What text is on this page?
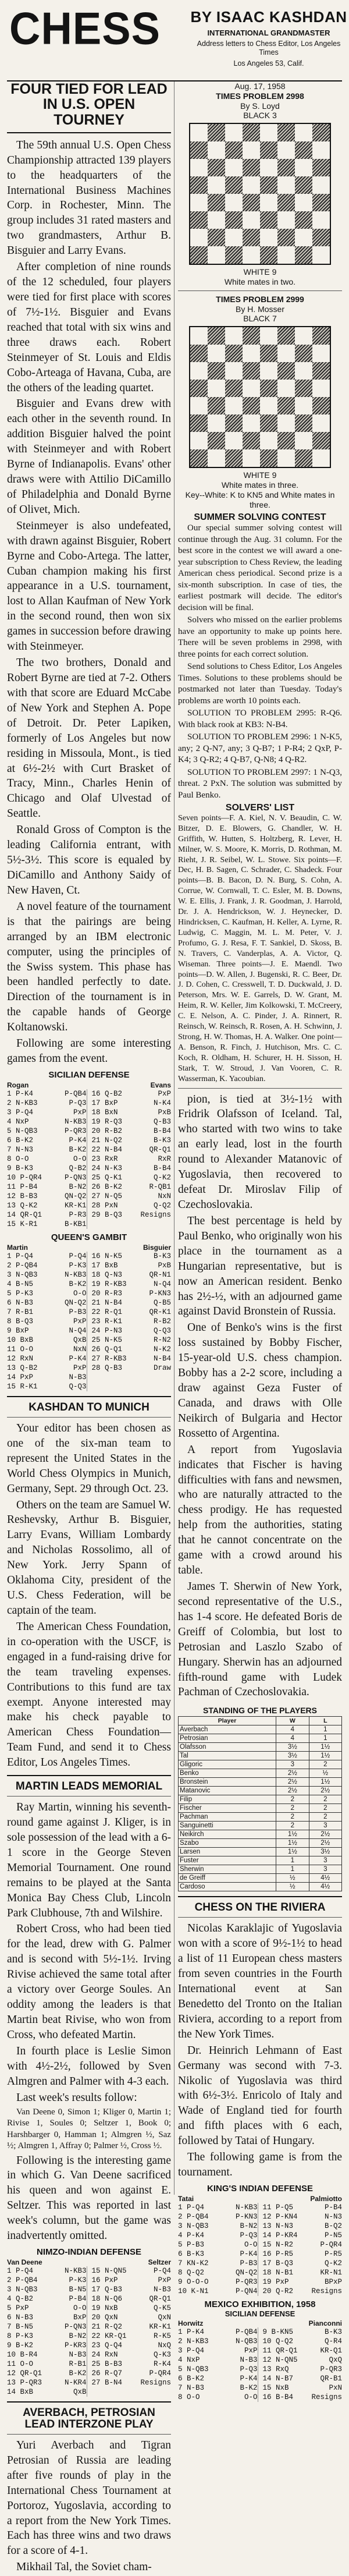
CHESS BY ISAAC KASHDAN
INTERNATIONAL GRANDMASTER
Address letters to Chess Editor, Los Angeles Times
Los Angeles 53, Calif.
FOUR TIED FOR LEAD
IN U.S. OPEN TOURNEY

The 59th annual U.S. Open Chess Championship attracted 139 players to the headquarters of the International Business Machines Corp. in Rochester, Minn. The group includes 31 rated masters and two grandmasters, Arthur B. Bisguier and Larry Evans.

After completion of nine rounds of the 12 scheduled, four players were tied for first place with scores of 7½-1½. Bisguier and Evans reached that total with six wins and three draws each. Robert Steinmeyer of St. Louis and Eldis Cobo-Arteaga of Havana, Cuba, are the others of the leading quartet.

Bisguier and Evans drew with each other in the seventh round. In addition Bisguier halved the point with Steinmeyer and with Robert Byrne of Indianapolis. Evans' other draws were with Attilio DiCamillo of Philadelphia and Donald Byrne of Olivet, Mich.

Steinmeyer is also undefeated, with drawn against Bisguier, Robert Byrne and Cobo-Artega. The latter, Cuban champion making his first appearance in a U.S. tournament, lost to Allan Kaufman of New York in the second round, then won six games in succession before drawing with Steinmeyer.

The two brothers, Donald and Robert Byrne are tied at 7-2. Others with that score are Eduard McCabe of New York and Stephen A. Pope of Detroit. Dr. Peter Lapiken, formerly of Los Angeles but now residing in Missoula, Mont., is tied at 6½-2½ with Curt Brasket of Tracy, Minn., Charles Henin of Chicago and Olaf Ulvestad of Seattle.

Ronald Gross of Compton is the leading California entrant, with 5½-3½. This score is equaled by DiCamillo and Anthony Saidy of New Haven, Ct.

A novel feature of the tournament is that the pairings are being arranged by an IBM electronic computer, using the principles of the Swiss system. This phase has been handled perfectly to date. Direction of the tournament is in the capable hands of George Koltanowski.

Following are some interesting games from the event.

SICILIAN DEFENSE
Rogan	Evans
1 P-K4	P-QB4
2 N-KB3	P-Q3
3 P-Q4	PxP
4 NxP	N-KB3
5 N-QB3	P-QR3
6 B-K2	P-K4
7 N-N3	B-K2
8 O-O	O-O
9 B-K3	Q-B2
10 P-QR4	P-QN3
11 P-B4	B-N2
12 B-B3	QN-Q2
13 Q-K2	KR-K1
14 QR-Q1	P-R3
15 K-R1	B-KB1
16 Q-B2	PxP
17 BxP	N-K4
18 BxN	PxB
19 R-Q3	Q-B3
20 R-B2	B-B4
21 N-Q2	B-K3
22 N-B4	QR-Q1
23 RxR	RxR
24 N-K3	B-B4
25 Q-K1	Q-K2
26 B-K2	R-QB1
27 N-Q5	NxN
28 PxN	Q-Q2
29 B-Q3	Resigns
QUEEN'S GAMBIT
Martin	Bisguier
1 P-Q4	P-Q4
2 P-QB4	P-K3
3 N-QB3	N-KB3
4 B-N5	B-K2
5 P-K3	O-O
6 N-B3	QN-Q2
7 R-B1	P-B3
8 B-Q3	PxP
9 BxP	N-Q4
10 BxB	QxB
11 O-O	NxN
12 RxN	P-K4
13 Q-B2	PxP
14 PxP	N-B3
15 R-K1	Q-Q3
16 N-K5	B-K3
17 BxB	PxB
18 Q-N3	QR-N1
19 R-KB3	N-Q4
20 R-R3	P-KN3
21 N-B4	Q-B5
22 R-Q1	QR-K1
23 R-K1	R-B2
24 P-N3	Q-Q3
25 N-K5	R-N2
26 Q-Q1	N-K2
27 R-KB3	N-B4
28 Q-B3	Draw
KASHDAN TO MUNICH

Your editor has been chosen as one of the six-man team to represent the United States in the World Chess Olympics in Munich, Germany, Sept. 29 through Oct. 23.

Others on the team are Samuel W. Reshevsky, Arthur B. Bisguier, Larry Evans, William Lombardy and Nicholas Rossolimo, all of New York. Jerry Spann of Oklahoma City, president of the U.S. Chess Federation, will be captain of the team.

The American Chess Foundation, in co-operation with the USCF, is engaged in a fund-raising drive for the team traveling expenses. Contributions to this fund are tax exempt. Anyone interested may make his check payable to American Chess Foundation—Team Fund, and send it to Chess Editor, Los Angeles Times.

MARTIN LEADS MEMORIAL

Ray Martin, winning his seventh-round game against J. Kliger, is in sole possession of the lead with a 6-1 score in the George Steven Memorial Tournament. One round remains to be played at the Santa Monica Bay Chess Club, Lincoln Park Clubhouse, 7th and Wilshire.

Robert Cross, who had been tied for the lead, drew with G. Palmer and is second with 5½-1½. Irving Rivise achieved the same total after a victory over George Soules. An oddity among the leaders is that Martin beat Rivise, who won from Cross, who defeated Martin.

In fourth place is Leslie Simon with 4½-2½, followed by Sven Almgren and Palmer with 4-3 each.

Last week's results follow:

Van Deene 0, Simon 1; Kliger 0, Martin 1; Rivise 1, Soules 0; Seltzer 1, Book 0; Harshbarger 0, Hamman 1; Almgren ½, Saz ½; Almgren 1, Affray 0; Palmer ½, Cross ½.

Following is the interesting game in which G. Van Deene sacrificed his queen and won against E. Seltzer. This was reported in last week's column, but the game was inadvertently omitted.

NIMZO-INDIAN DEFENSE
Van Deene	Seltzer
1 P-Q4	N-KB3
2 P-QB4	P-K3
3 N-QB3	B-N5
4 Q-B2	P-B4
5 PxP	O-O
6 N-B3	BxP
7 B-N5	P-QN3
8 P-K3	B-N2
9 B-K2	P-KR3
10 B-R4	N-B3
11 O-O	R-B1
12 QR-Q1	B-K2
13 P-QR3	N-KR4
14 BxB	QxB
15 N-QN5	P-Q4
16 PxP	PxP
17 Q-B3	N-B3
18 N-Q6	QR-Q1
19 NxB	Q-K5
20 QxN	QxN
21 R-Q2	KR-K1
22 KR-Q1	R-K5
23 Q-Q4	NxQ
24 RxN	Q-K3
25 B-B3	R-K4
26 R-Q7	P-QR4
27 B-N4	Resigns
AVERBACH, PETROSIAN
LEAD INTERZONE PLAY

Yuri Averbach and Tigran Petrosian of Russia are leading after five rounds of play in the International Chess Tournament at Portoroz, Yugoslavia, according to a report from the New York Times. Each has three wins and two draws for a score of 4-1.

Mikhail Tal, the Soviet cham-

Aug. 17, 1958
TIMES PROBLEM 2998
By S. Loyd
BLACK 3
WHITE 9
White mates in two.
TIMES PROBLEM 2999
By H. Mosser
BLACK 7
WHITE 9
White mates in three.
Key--White: K to KN5 and White mates in three.
SUMMER SOLVING CONTEST

Our special summer solving contest will continue through the Aug. 31 column. For the best score in the contest we will award a one-year subscription to Chess Review, the leading American chess periodical. Second prize is a six-month subscription. In case of ties, the earliest postmark will decide. The editor's decision will be final.

Solvers who missed on the earlier problems have an opportunity to make up points here. There will be seven problems in 2998, with three points for each correct solution.

Send solutions to Chess Editor, Los Angeles Times. Solutions to these problems should be postmarked not later than Tuesday. Today's problems are worth 10 points each.

SOLUTION TO PROBLEM 2995: R-Q6. With black rook at KB3: N-B4.

SOLUTION TO PROBLEM 2996: 1 N-K5, any; 2 Q-N7, any; 3 Q-B7; 1 P-R4; 2 QxP, P-K4; 3 Q-R2; 4 Q-B7, Q-N8; 4 Q-R2.

SOLUTION TO PROBLEM 2997: 1 N-Q3, threat. 2 PxN. The solution was submitted by Paul Benko.

SOLVERS' LIST

Seven points—F. A. Kiel, N. V. Beaudin, C. W. Bitzer, D. E. Blowers, G. Chandler, W. H. Griffith, W. Hutten, S. Holtzberg, R. Lever, H. Milner, W. S. Moore, K. Morris, D. Rothman, M. Rieht, J. R. Seibel, W. L. Stowe. Six points—F. Dec, H. B. Sagen, C. Schrader, C. Shadeck. Four points—B. B. Bacon, D. N. Burg, S. Cohn, A. Corrue, W. Cornwall, T. C. Esler, M. B. Downs, W. E. Ellis, J. Frank, J. R. Goodman, J. Harrold, Dr. J. A. Hendrickson, W. J. Heynecker, D. Hindricksen, C. Kaufman, H. Keller, A. Lyrne, R. Ludwig, C. Maggin, M. L. M. Peter, V. J. Profumo, G. J. Resa, F. T. Sankiel, D. Skoss, B. N. Travers, C. Vanderplas, A. A. Victor, Q. Wiseman. Three points—J. E. Maendl. Two points—D. W. Allen, J. Bugenski, R. C. Beer, Dr. J. D. Cohen, C. Cresswell, T. D. Duckwald, J. D. Peterson, Mrs. W. E. Garrels, D. W. Grant, M. Heim, R. W. Keller, Jim Kolkowski, T. McCreery, C. E. Nelson, A. C. Pinder, J. A. Rinnert, R. Reinsch, W. Reinsch, R. Rosen, A. H. Schwinn, J. Strong, H. W. Thomas, H. A. Walker. One point—A. Benson, R. Finch, J. Hutchison, Mrs. C. C. Koch, R. Oldham, H. Schurer, H. H. Sisson, H. Stark, T. W. Stroud, J. Van Vooren, C. R. Wasserman, K. Yacoubian.

pion, is tied at 3½-1½ with Fridrik Olafsson of Iceland. Tal, who started with two wins to take an early lead, lost in the fourth round to Alexander Matanovic of Yugoslavia, then recovered to defeat Dr. Miroslav Filip of Czechoslovakia.

The best percentage is held by Paul Benko, who originally won his place in the tournament as a Hungarian representative, but is now an American resident. Benko has 2½-½, with an adjourned game against David Bronstein of Russia.

One of Benko's wins is the first loss sustained by Bobby Fischer, 15-year-old U.S. chess champion. Bobby has a 2-2 score, including a draw against Geza Fuster of Canada, and draws with Olle Neikirch of Bulgaria and Hector Rossetto of Argentina.

A report from Yugoslavia indicates that Fischer is having difficulties with fans and newsmen, who are naturally attracted to the chess prodigy. He has requested help from the authorities, stating that he cannot concentrate on the game with a crowd around his table.

James T. Sherwin of New York, second representative of the U.S., has 1-4 score. He defeated Boris de Greiff of Colombia, but lost to Petrosian and Laszlo Szabo of Hungary. Sherwin has an adjourned fifth-round game with Ludek Pachman of Czechoslovakia.

STANDING OF THE PLAYERS
Player	W	L
Averbach	4	1
Petrosian	4	1
Olafsson	3½	1½
Tal	3½	1½
Gligoric	3	2
Benko	2½	½
Bronstein	2½	1½
Matanovic	2½	2½
Filip	2	2
Fischer	2	2
Pachman	2	2
Sanguinetti	2	3
Neikirch	1½	2½
Szabo	1½	2½
Larsen	1½	3½
Fuster	1	3
Sherwin	1	3
de Greiff	½	4½
Cardoso	½	4½
CHESS ON THE RIVIERA

Nicolas Karaklajic of Yugoslavia won with a score of 9½-1½ to head a list of 11 European chess masters from seven countries in the Fourth International event at San Benedetto del Tronto on the Italian Riviera, according to a report from the New York Times.

Dr. Heinrich Lehmann of East Germany was second with 7-3. Nikolic of Yugoslavia was third with 6½-3½. Enricolo of Italy and Wade of England tied for fourth and fifth places with 6 each, followed by Tatai of Hungary.

The following game is from the tournament.

KING'S INDIAN DEFENSE
Tatai	Palmiotto
1 P-Q4	N-KB3
2 P-QB4	P-KN3
3 N-QB3	B-N2
4 P-K4	P-Q3
5 P-B3	O-O
6 B-K3	P-K4
7 KN-K2	P-B3
8 Q-Q2	QN-Q2
9 O-O-O	P-QR3
10 K-N1	P-QN4
11 P-Q5	P-B4
12 P-KN4	N-N3
13 N-N3	B-Q2
14 P-KR4	P-N5
15 N-R2	P-QR4
16 P-R5	P-R5
17 B-Q3	Q-K2
18 N-B1	KR-N1
19 PxP	BPxP
20 Q-R2	Resigns
MEXICO EXHIBITION, 1958
SICILIAN DEFENSE
Horwitz	Pianconni
1 P-K4	P-QB4
2 N-KB3	N-QB3
3 P-Q4	PxP
4 NxP	N-B3
5 N-QB3	P-Q3
6 B-K2	P-K4
7 N-B3	B-K2
8 O-O	O-O
9 B-KN5	B-K3
10 Q-Q2	Q-R4
11 QR-Q1	KR-Q1
12 N-QN5	QxQ
13 RxQ	P-QR3
14 N-B7	QR-B1
15 NxB	PxN
16 B-B4	Resigns
